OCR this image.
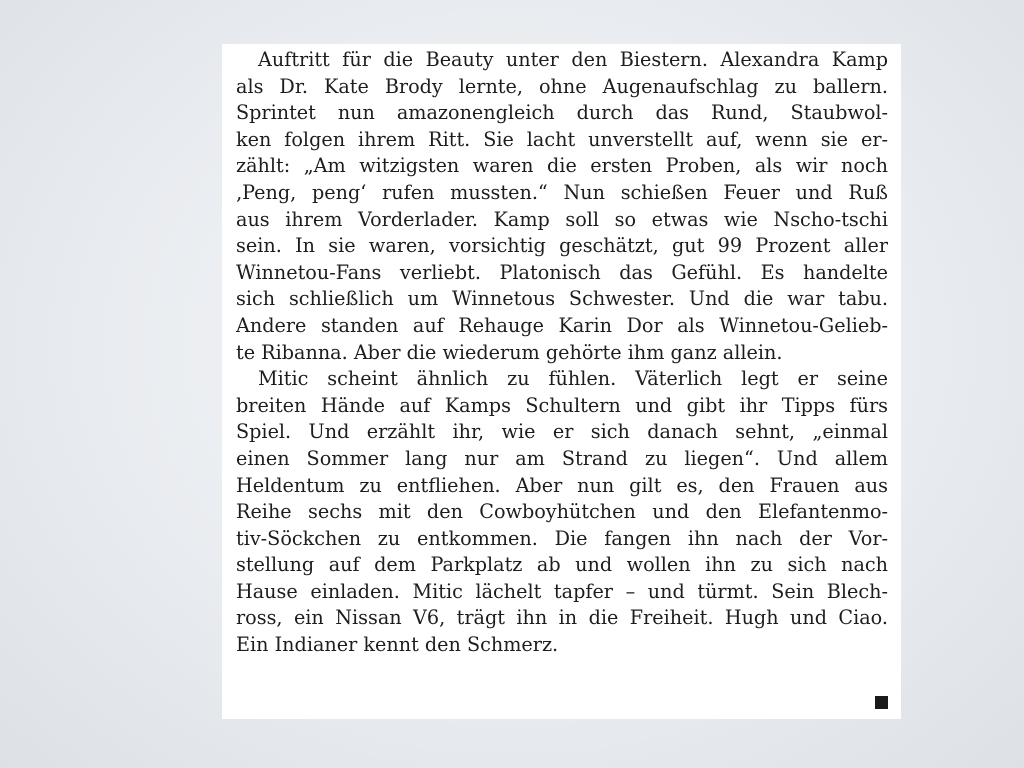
Auftritt für die Beauty unter den Biestern. Alexandra Kamp
als Dr. Kate Brody lernte, ohne Augenaufschlag zu ballern.
Sprintet nun amazonengleich durch das Rund, Staubwol-
ken folgen ihrem Ritt. Sie lacht unverstellt auf, wenn sie er-
zählt: „Am witzigsten waren die ersten Proben, als wir noch
‚Peng, peng‘ rufen mussten.“ Nun schießen Feuer und Ruß
aus ihrem Vorderlader. Kamp soll so etwas wie Nscho-tschi
sein. In sie waren, vorsichtig geschätzt, gut 99 Prozent aller
Winnetou-Fans verliebt. Platonisch das Gefühl. Es handelte
sich schließlich um Winnetous Schwester. Und die war tabu.
Andere standen auf Rehauge Karin Dor als Winnetou-Gelieb-
te Ribanna. Aber die wiederum gehörte ihm ganz allein.
Mitic scheint ähnlich zu fühlen. Väterlich legt er seine
breiten Hände auf Kamps Schultern und gibt ihr Tipps fürs
Spiel. Und erzählt ihr, wie er sich danach sehnt, „einmal
einen Sommer lang nur am Strand zu liegen“. Und allem
Heldentum zu entfliehen. Aber nun gilt es, den Frauen aus
Reihe sechs mit den Cowboyhütchen und den Elefantenmo-
tiv-Söckchen zu entkommen. Die fangen ihn nach der Vor-
stellung auf dem Parkplatz ab und wollen ihn zu sich nach
Hause einladen. Mitic lächelt tapfer – und türmt. Sein Blech-
ross, ein Nissan V6, trägt ihn in die Freiheit. Hugh und Ciao.
Ein Indianer kennt den Schmerz.
